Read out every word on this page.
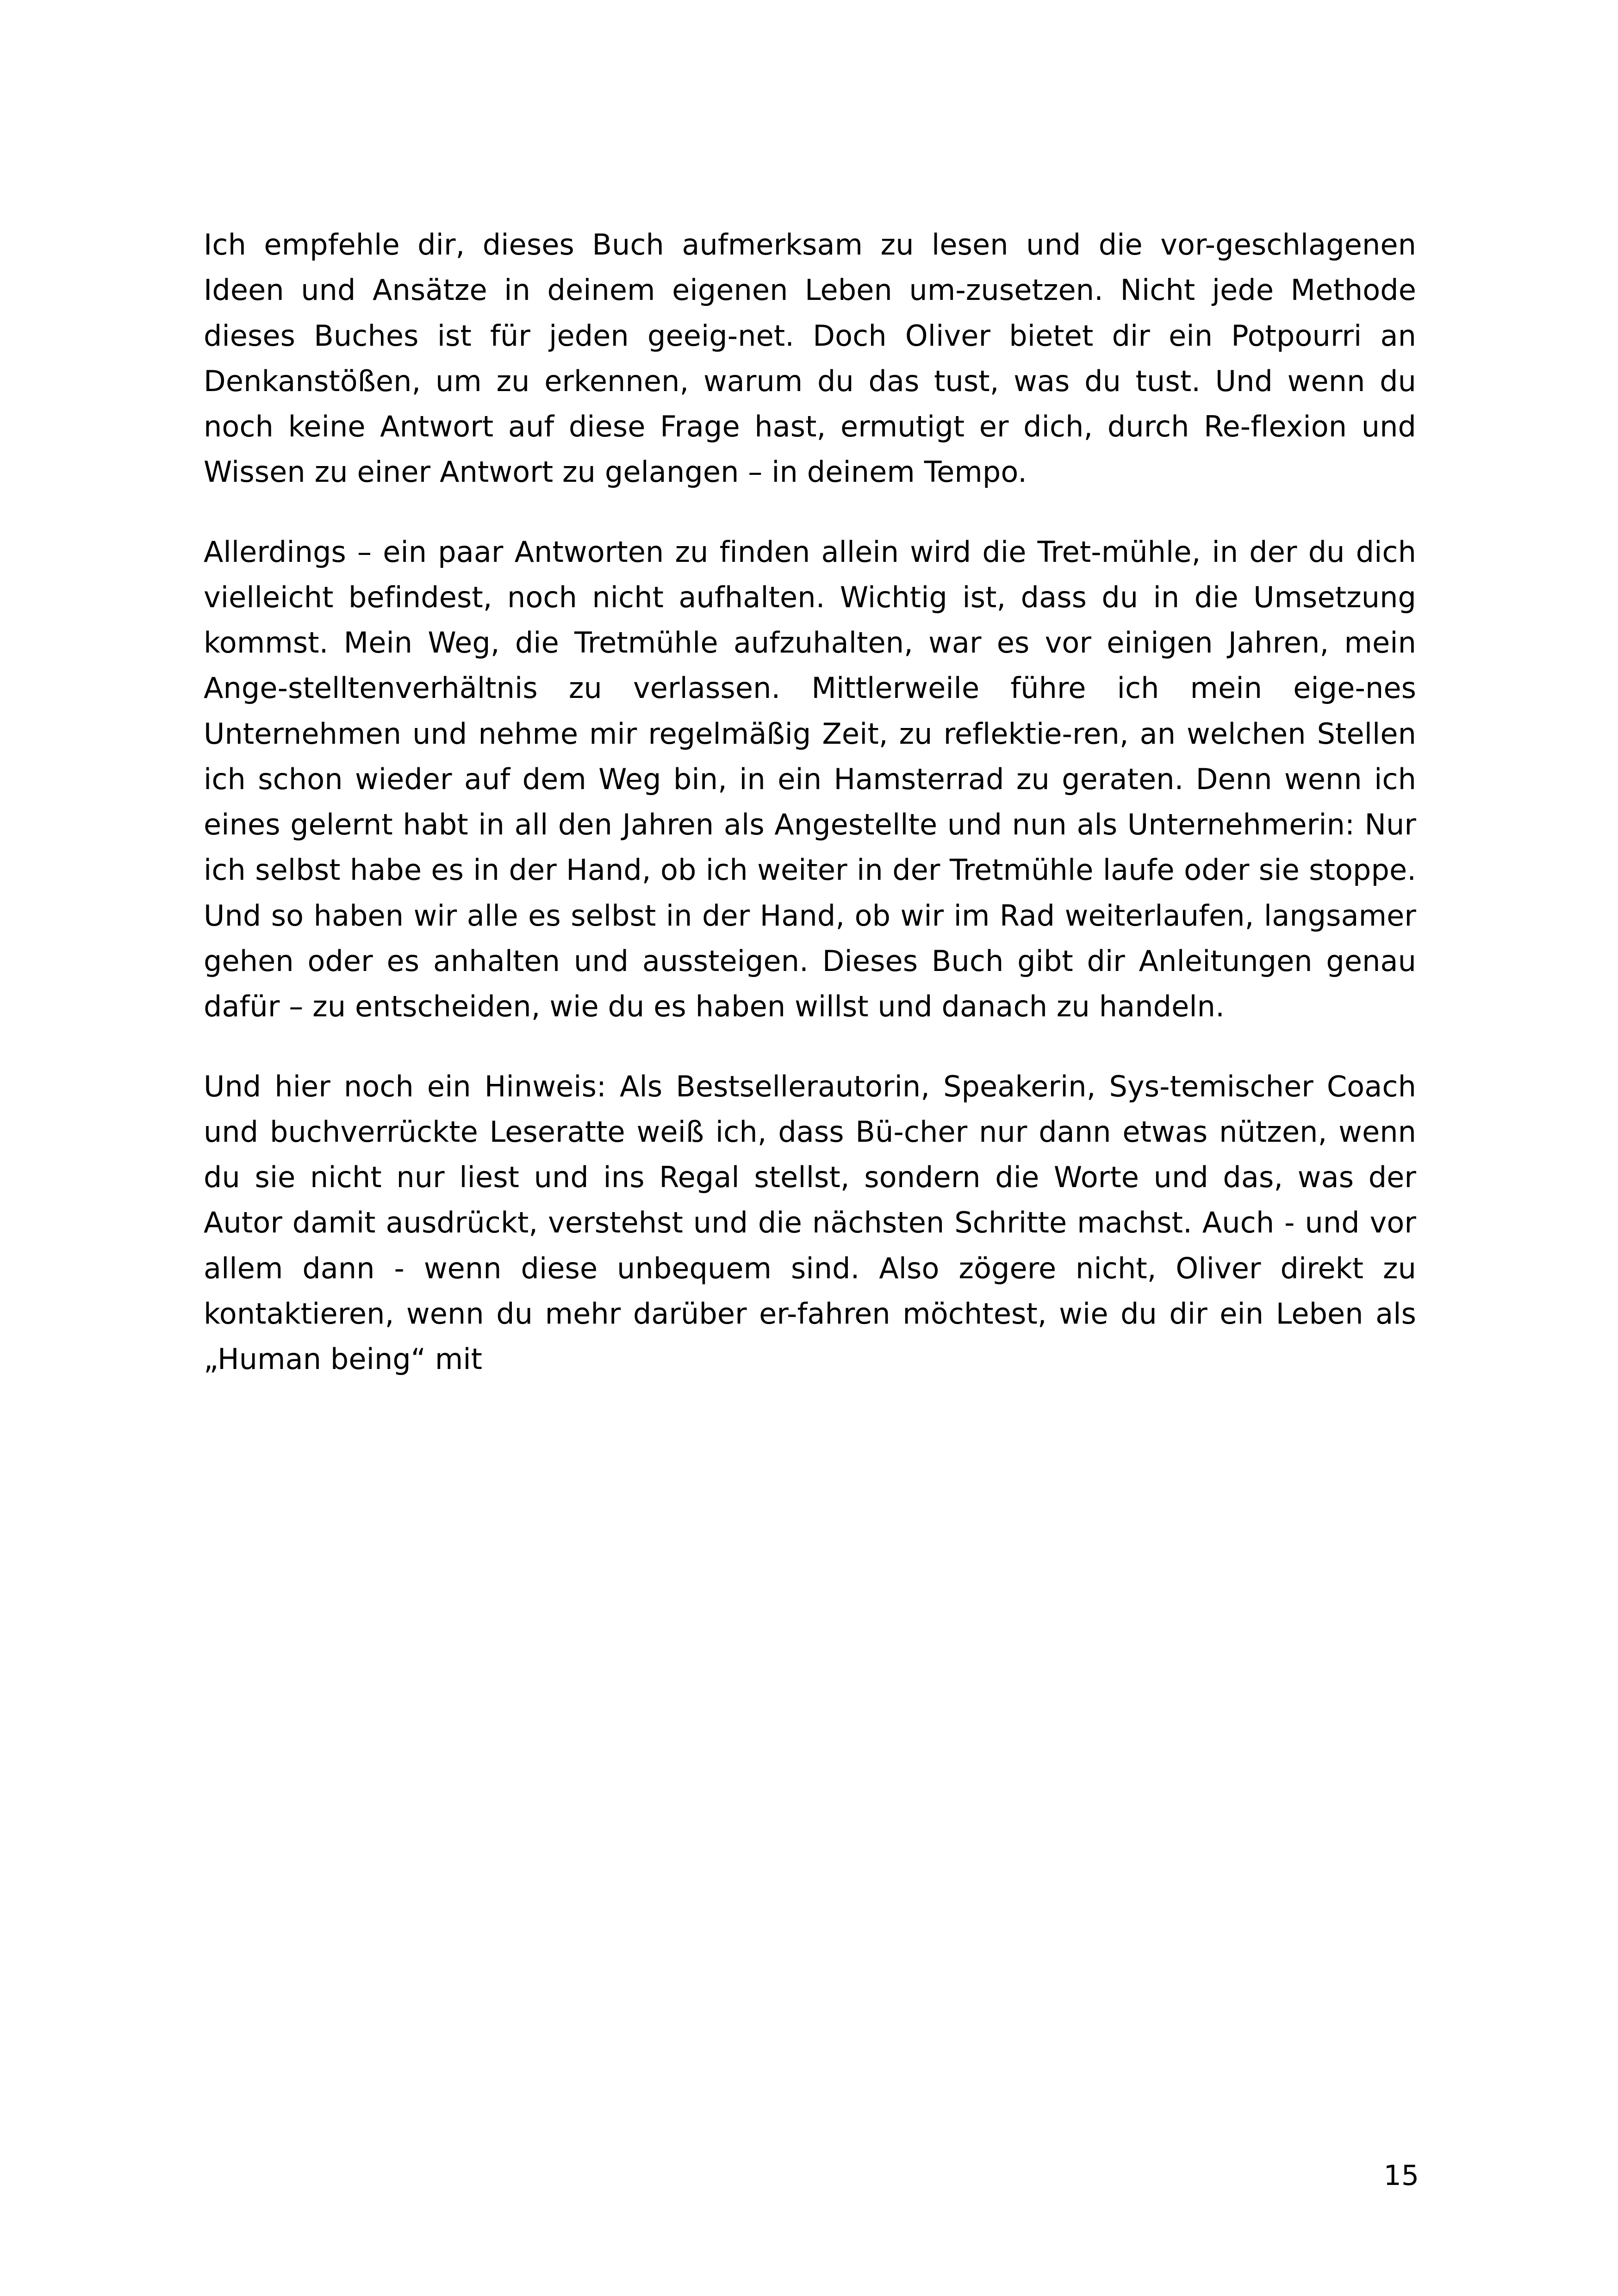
Ich empfehle dir, dieses Buch aufmerksam zu lesen und die vor-geschlagenen Ideen und Ansätze in deinem eigenen Leben um-zusetzen. Nicht jede Methode dieses Buches ist für jeden geeig-net. Doch Oliver bietet dir ein Potpourri an Denkanstößen, um zu erkennen, warum du das tust, was du tust. Und wenn du noch keine Antwort auf diese Frage hast, ermutigt er dich, durch Re-flexion und Wissen zu einer Antwort zu gelangen – in deinem Tempo.

Allerdings – ein paar Antworten zu finden allein wird die Tret-mühle, in der du dich vielleicht befindest, noch nicht aufhalten. Wichtig ist, dass du in die Umsetzung kommst. Mein Weg, die Tretmühle aufzuhalten, war es vor einigen Jahren, mein Ange-stelltenverhältnis zu verlassen. Mittlerweile führe ich mein eige-nes Unternehmen und nehme mir regelmäßig Zeit, zu reflektie-ren, an welchen Stellen ich schon wieder auf dem Weg bin, in ein Hamsterrad zu geraten. Denn wenn ich eines gelernt habt in all den Jahren als Angestellte und nun als Unternehmerin: Nur ich selbst habe es in der Hand, ob ich weiter in der Tretmühle laufe oder sie stoppe. Und so haben wir alle es selbst in der Hand, ob wir im Rad weiterlaufen, langsamer gehen oder es anhalten und aussteigen. Dieses Buch gibt dir Anleitungen genau dafür – zu entscheiden, wie du es haben willst und danach zu handeln.

Und hier noch ein Hinweis: Als Bestsellerautorin, Speakerin, Sys-temischer Coach und buchverrückte Leseratte weiß ich, dass Bü-cher nur dann etwas nützen, wenn du sie nicht nur liest und ins Regal stellst, sondern die Worte und das, was der Autor damit ausdrückt, verstehst und die nächsten Schritte machst. Auch - und vor allem dann - wenn diese unbequem sind. Also zögere nicht, Oliver direkt zu kontaktieren, wenn du mehr darüber er-fahren möchtest, wie du dir ein Leben als „Human being“ mit

15
